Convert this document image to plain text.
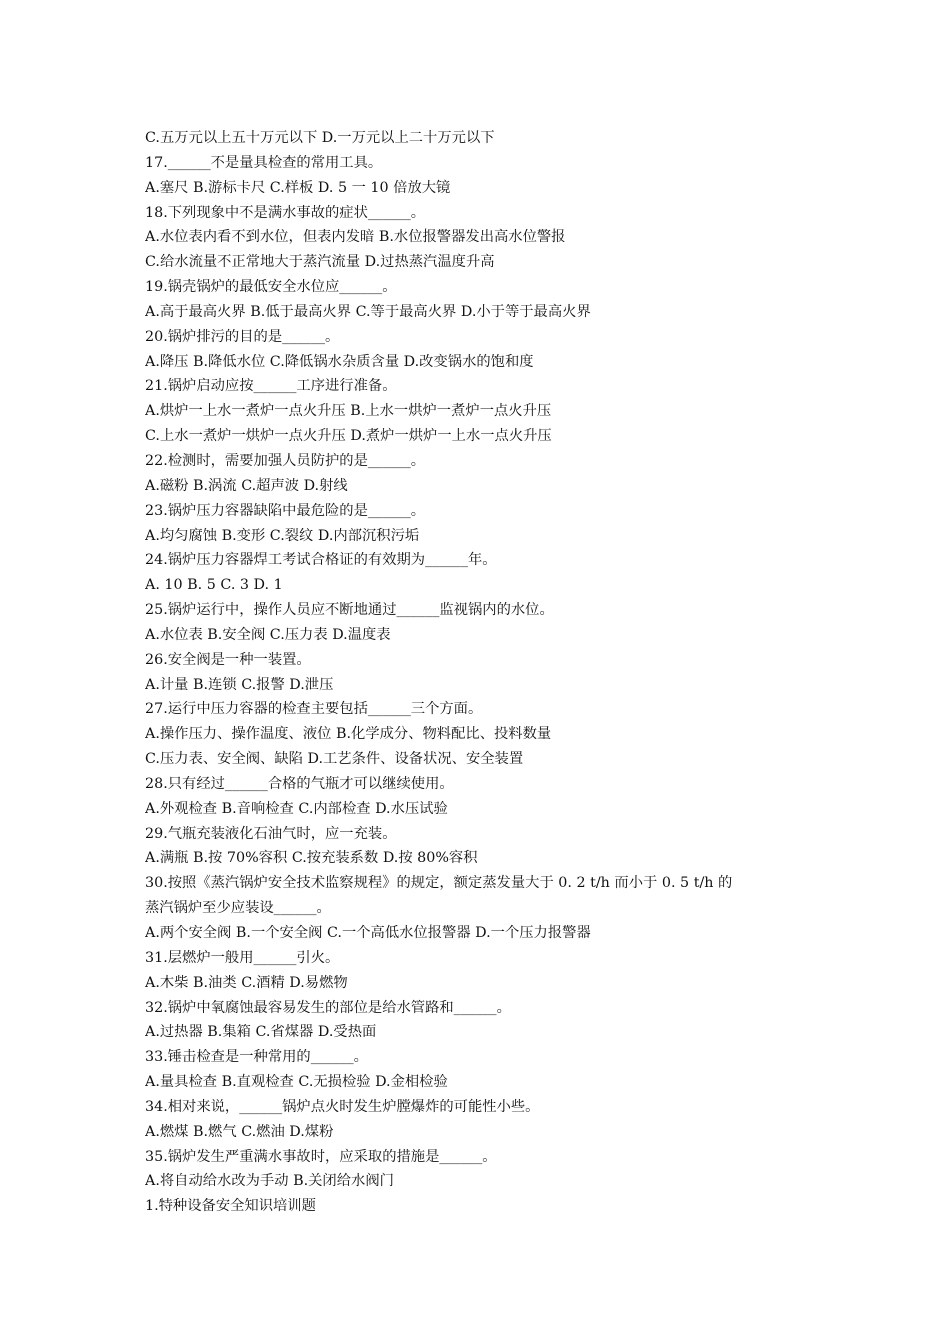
C.五万元以上五十万元以下 D.一万元以上二十万元以下
17.______不是量具检查的常用工具。
A.塞尺 B.游标卡尺 C.样板 D. 5 一 10 倍放大镜
18.下列现象中不是满水事故的症状______。
A.水位表内看不到水位，但表内发暗 B.水位报警器发出高水位警报
C.给水流量不正常地大于蒸汽流量 D.过热蒸汽温度升高
19.锅壳锅炉的最低安全水位应______。
A.高于最高火界 B.低于最高火界 C.等于最高火界 D.小于等于最高火界
20.锅炉排污的目的是______。
A.降压 B.降低水位 C.降低锅水杂质含量 D.改变锅水的饱和度
21.锅炉启动应按______工序进行准备。
A.烘炉一上水一煮炉一点火升压 B.上水一烘炉一煮炉一点火升压
C.上水一煮炉一烘炉一点火升压 D.煮炉一烘炉一上水一点火升压
22.检测时，需要加强人员防护的是______。
A.磁粉 B.涡流 C.超声波 D.射线
23.锅炉压力容器缺陷中最危险的是______。
A.均匀腐蚀 B.变形 C.裂纹 D.内部沉积污垢
24.锅炉压力容器焊工考试合格证的有效期为______年。
A. 10 B. 5 C. 3 D. 1
25.锅炉运行中，操作人员应不断地通过______监视锅内的水位。
A.水位表 B.安全阀 C.压力表 D.温度表
26.安全阀是一种一装置。
A.计量 B.连锁 C.报警 D.泄压
27.运行中压力容器的检查主要包括______三个方面。
A.操作压力、操作温度、液位 B.化学成分、物料配比、投料数量
C.压力表、安全阀、缺陷 D.工艺条件、设备状况、安全装置
28.只有经过______合格的气瓶才可以继续使用。
A.外观检查 B.音响检查 C.内部检查 D.水压试验
29.气瓶充装液化石油气时，应一充装。
A.满瓶 B.按 70%容积 C.按充装系数 D.按 80%容积
30.按照《蒸汽锅炉安全技术监察规程》的规定，额定蒸发量大于 0. 2 t/h 而小于 0. 5 t/h 的
蒸汽锅炉至少应装设______。
A.两个安全阀 B.一个安全阀 C.一个高低水位报警器 D.一个压力报警器
31.层燃炉一般用______引火。
A.木柴 B.油类 C.酒精 D.易燃物
32.锅炉中氧腐蚀最容易发生的部位是给水管路和______。
A.过热器 B.集箱 C.省煤器 D.受热面
33.锤击检查是一种常用的______。
A.量具检查 B.直观检查 C.无损检验 D.金相检验
34.相对来说，______锅炉点火时发生炉膛爆炸的可能性小些。
A.燃煤 B.燃气 C.燃油 D.煤粉
35.锅炉发生严重满水事故时，应采取的措施是______。
A.将自动给水改为手动 B.关闭给水阀门
1.特种设备安全知识培训题
